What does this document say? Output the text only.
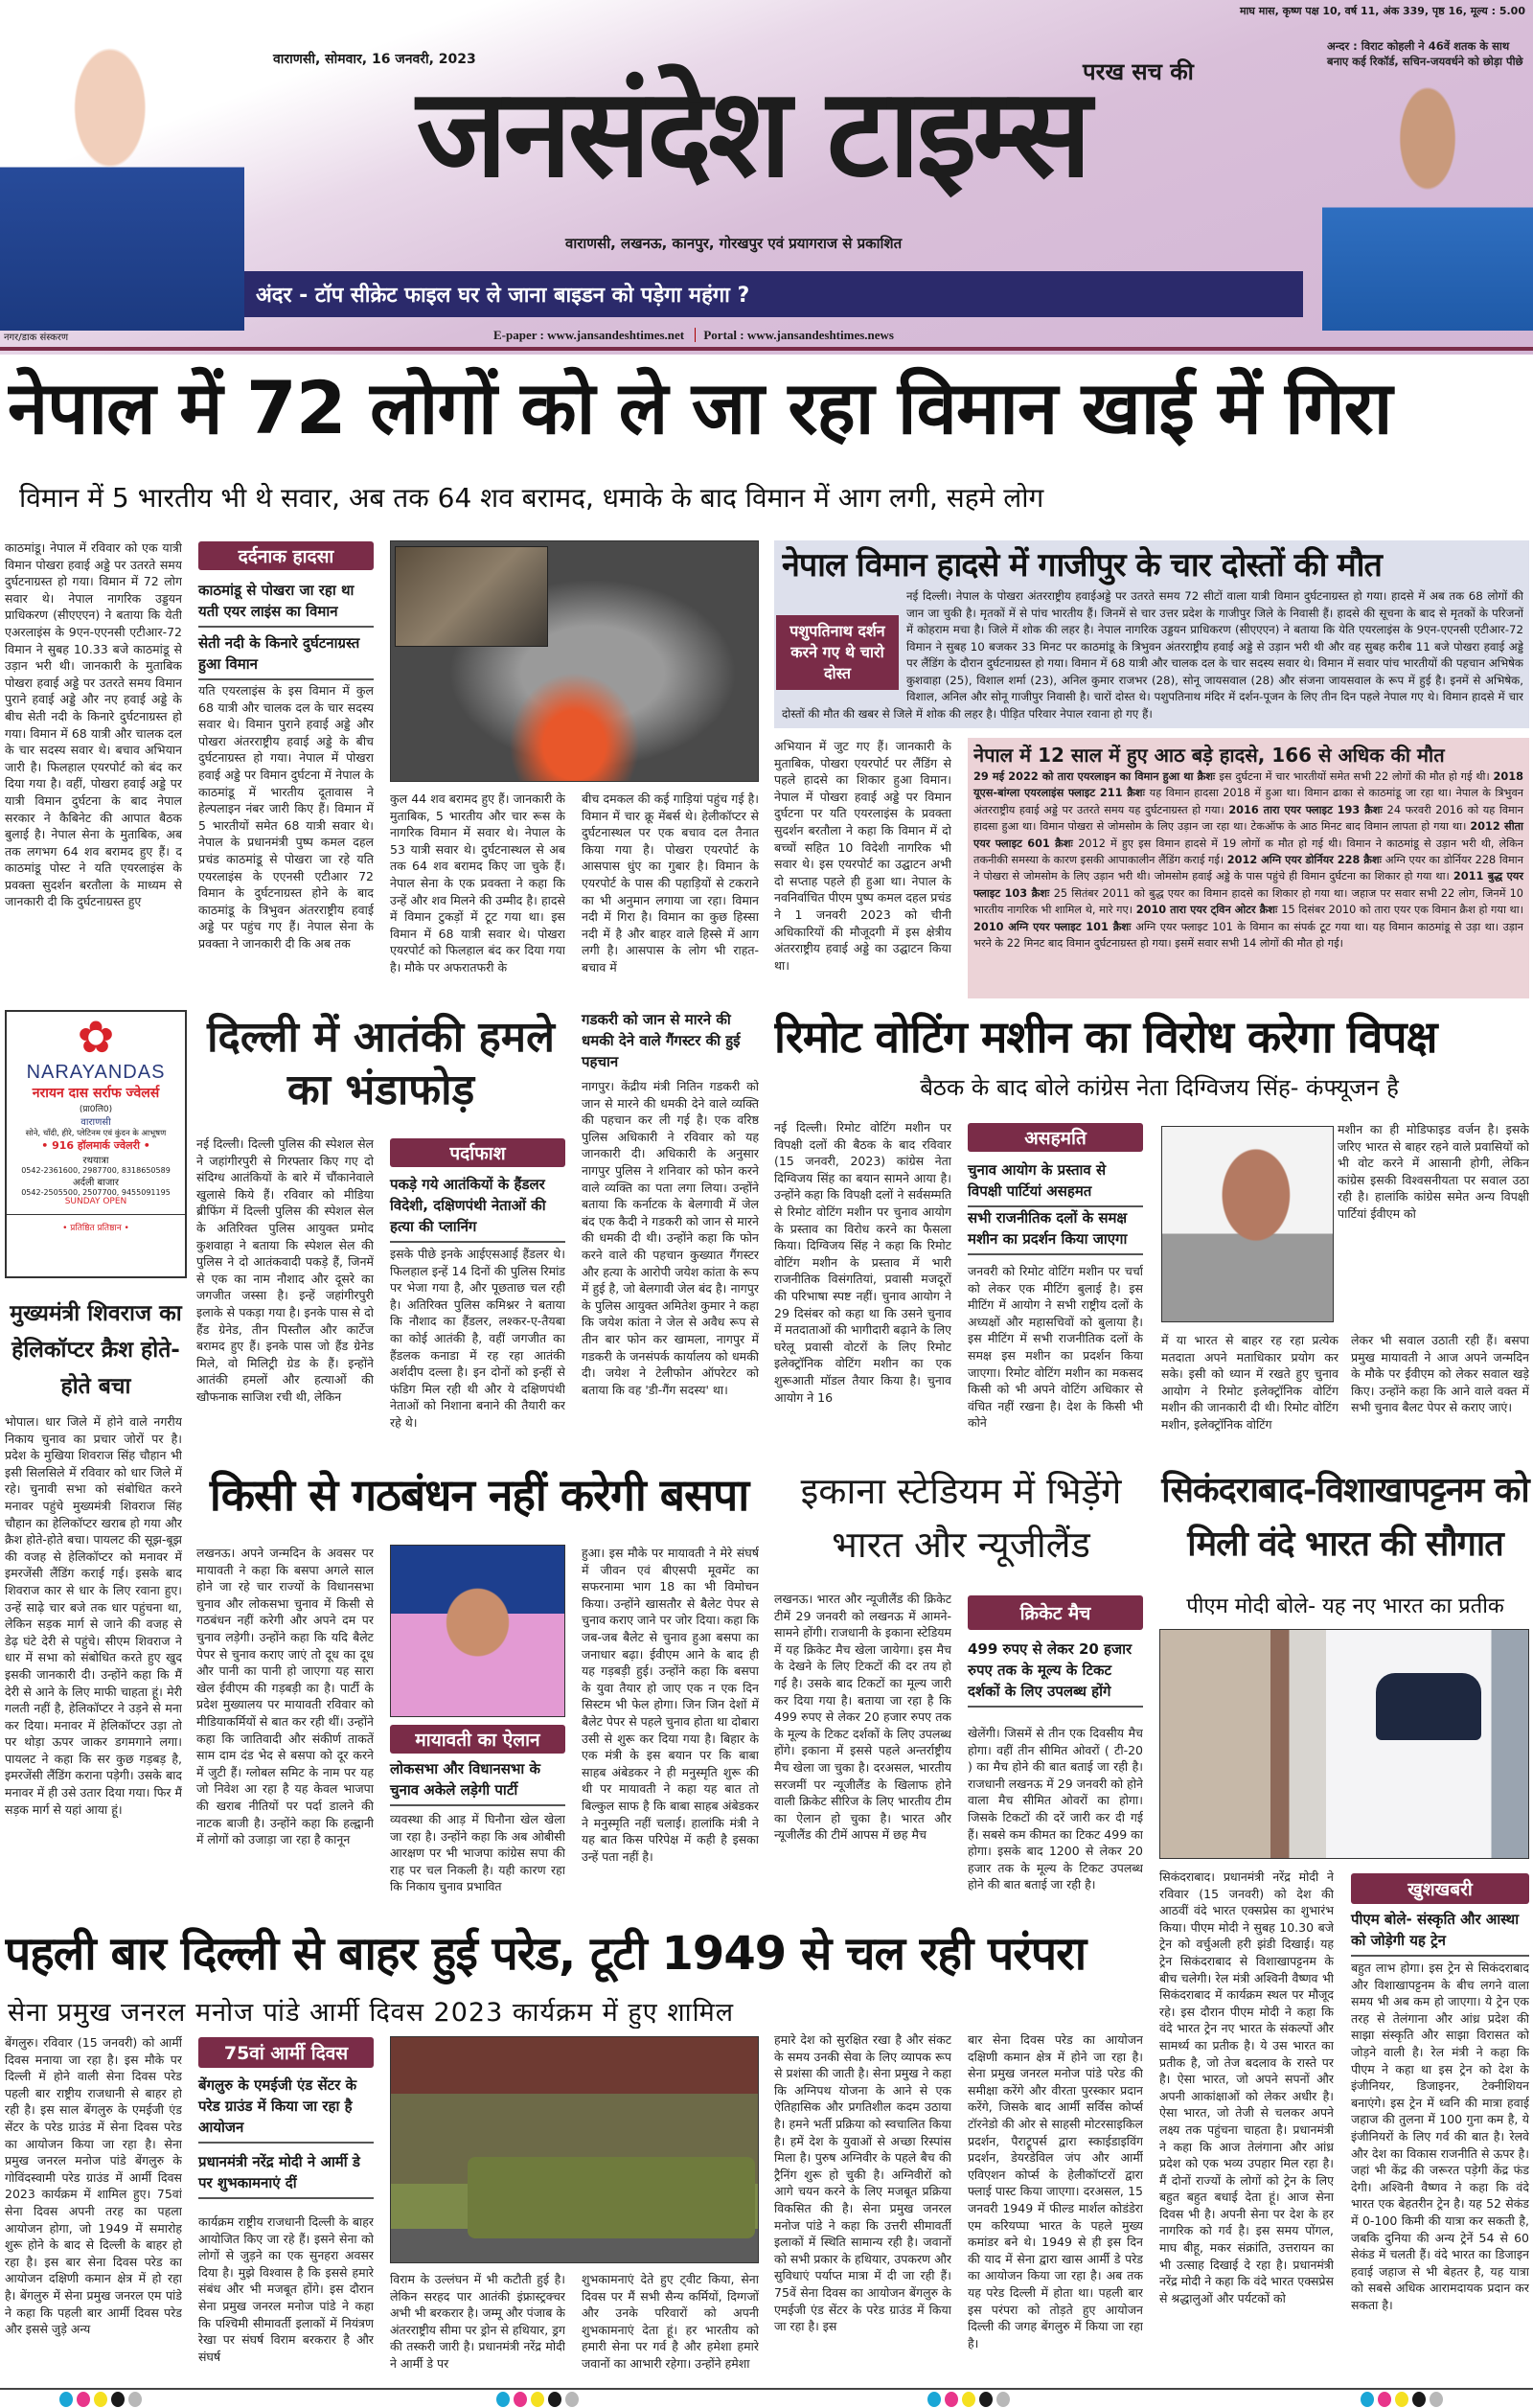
माघ मास, कृष्ण पक्ष 10, वर्ष 11, अंक 339, पृष्ठ 16, मूल्य : 5.00
वाराणसी, सोमवार, 16 जनवरी, 2023	परख सच की
जनसंदेश टाइम्स
वाराणसी, लखनऊ, कानपुर, गोरखपुर एवं प्रयागराज से प्रकाशित
अन्दर : विराट कोहली ने 46वें शतक के साथ बनाए कई रिकॉर्ड, सचिन-जयवर्धने को छोड़ा पीछे
अंदर - टॉप सीक्रेट फाइल घर ले जाना बाइडन को पड़ेगा महंगा ?
नगर/डाक संस्करण	E-paper : www.jansandeshtimes.net Portal : www.jansandeshtimes.news
नेपाल में 72 लोगों को ले जा रहा विमान खाई में गिरा
विमान में 5 भारतीय भी थे सवार, अब तक 64 शव बरामद, धमाके के बाद विमान में आग लगी, सहमे लोग
काठमांडू। नेपाल में रविवार को एक यात्री विमान पोखरा हवाई अड्डे पर उतरते समय दुर्घटनाग्रस्त हो गया। विमान में 72 लोग सवार थे। नेपाल नागरिक उड्डयन प्राधिकरण (सीएएएन) ने बताया कि येती एअरलाइंस के 9एन-एएनसी एटीआर-72 विमान ने सुबह 10.33 बजे काठमांडू से उड़ान भरी थी। जानकारी के मुताबिक पोखरा हवाई अड्डे पर उतरते समय विमान पुराने हवाई अड्डे और नए हवाई अड्डे के बीच सेती नदी के किनारे दुर्घटनाग्रस्त हो गया। विमान में 68 यात्री और चालक दल के चार सदस्य सवार थे। बचाव अभियान जारी है। फिलहाल एयरपोर्ट को बंद कर दिया गया है। वहीं, पोखरा हवाई अड्डे पर यात्री विमान दुर्घटना के बाद नेपाल सरकार ने कैबिनेट की आपात बैठक बुलाई है। नेपाल सेना के मुताबिक, अब तक लगभग 64 शव बरामद हुए हैं। द काठमांडू पोस्ट ने यति एयरलाइंस के प्रवक्ता सुदर्शन बरतौला के माध्यम से जानकारी दी कि दुर्घटनाग्रस्त हुए
दर्दनाक हादसा
काठमांडू से पोखरा जा रहा था यती एयर लाइंस का विमान
सेती नदी के किनारे दुर्घटनाग्रस्त हुआ विमान
यति एयरलाइंस के इस विमान में कुल 68 यात्री और चालक दल के चार सदस्य सवार थे। विमान पुराने हवाई अड्डे और पोखरा अंतरराष्ट्रीय हवाई अड्डे के बीच दुर्घटनाग्रस्त हो गया। नेपाल में पोखरा हवाई अड्डे पर विमान दुर्घटना में नेपाल के काठमांडू में भारतीय दूतावास ने हेल्पलाइन नंबर जारी किए हैं। विमान में 5 भारतीयों समेत 68 यात्री सवार थे। नेपाल के प्रधानमंत्री पुष्प कमल दहल प्रचंड काठमांडू से पोखरा जा रहे यति एयरलाइंस के एएनसी एटीआर 72 विमान के दुर्घटनाग्रस्त होने के बाद काठमांडू के त्रिभुवन अंतरराष्ट्रीय हवाई अड्डे पर पहुंच गए हैं। नेपाल सेना के प्रवक्ता ने जानकारी दी कि अब तक
कुल 44 शव बरामद हुए हैं। जानकारी के मुताबिक, 5 भारतीय और चार रूस के नागरिक विमान में सवार थे। नेपाल के 53 यात्री सवार थे। दुर्घटनास्थल से अब तक 64 शव बरामद किए जा चुके हैं। नेपाल सेना के एक प्रवक्ता ने कहा कि उन्हें और शव मिलने की उम्मीद है। हादसे में विमान टुकड़ों में टूट गया था। इस विमान में 68 यात्री सवार थे। पोखरा एयरपोर्ट को फिलहाल बंद कर दिया गया है। मौके पर अफरातफरी के
बीच दमकल की कई गाड़ियां पहुंच गई है। विमान में चार क्रू मेंबर्स थे। हेलीकॉप्टर से दुर्घटनास्थल पर एक बचाव दल तैनात किया गया है। पोखरा एयरपोर्ट के आसपास धुंए का गुबार है। विमान के एयरपोर्ट के पास की पहाड़ियों से टकराने का भी अनुमान लगाया जा रहा। विमान नदी में गिरा है। विमान का कुछ हिस्सा नदी में है और बाहर वाले हिस्से में आग लगी है। आसपास के लोग भी राहत-बचाव में
नेपाल विमान हादसे में गाजीपुर के चार दोस्तों की मौत
पशुपतिनाथ दर्शन करने गए थे चारो दोस्त
नई दिल्ली। नेपाल के पोखरा अंतरराष्ट्रीय हवाईअड्डे पर उतरते समय 72 सीटों वाला यात्री विमान दुर्घटनाग्रस्त हो गया। हादसे में अब तक 68 लोगों की जान जा चुकी है। मृतकों में से पांच भारतीय हैं। जिनमें से चार उत्तर प्रदेश के गाजीपुर जिले के निवासी हैं। हादसे की सूचना के बाद से मृतकों के परिजनों में कोहराम मचा है। जिले में शोक की लहर है। नेपाल नागरिक उड्डयन प्राधिकरण (सीएएएन) ने बताया कि येति एयरलाइंस के 9एन-एएनसी एटीआर-72 विमान ने सुबह 10 बजकर 33 मिनट पर काठमांडू के त्रिभुवन अंतरराष्ट्रीय हवाई अड्डे से उड़ान भरी थी और वह सुबह करीब 11 बजे पोखरा हवाई अड्डे पर लैंडिंग के दौरान दुर्घटनाग्रस्त हो गया। विमान में 68 यात्री और चालक दल के चार सदस्य सवार थे। विमान में सवार पांच भारतीयों की पहचान अभिषेक कुशवाहा (25), विशाल शर्मा (23), अनिल कुमार राजभर (28), सोनू जायसवाल (28) और संजना जायसवाल के रूप में हुई है। इनमें से अभिषेक, विशाल, अनिल और सोनू गाजीपुर निवासी है। चारों दोस्त थे। पशुपतिनाथ मंदिर में दर्शन-पूजन के लिए तीन दिन पहले नेपाल गए थे। विमान हादसे में चार दोस्तों की मौत की खबर से जिले में शोक की लहर है। पीड़ित परिवार नेपाल रवाना हो गए हैं।
अभियान में जुट गए हैं। जानकारी के मुताबिक, पोखरा एयरपोर्ट पर लैंडिंग से पहले हादसे का शिकार हुआ विमान। नेपाल में पोखरा हवाई अड्डे पर विमान दुर्घटना पर यति एयरलाइंस के प्रवक्ता सुदर्शन बरतौला ने कहा कि विमान में दो बच्चों सहित 10 विदेशी नागरिक भी सवार थे। इस एयरपोर्ट का उद्घाटन अभी दो सप्ताह पहले ही हुआ था। नेपाल के नवनिर्वाचित पीएम पुष्प कमल दहल प्रचंड ने 1 जनवरी 2023 को चीनी अधिकारियों की मौजूदगी में इस क्षेत्रीय अंतरराष्ट्रीय हवाई अड्डे का उद्घाटन किया था।
नेपाल में 12 साल में हुए आठ बड़े हादसे, 166 से अधिक की मौत
29 मई 2022 को तारा एयरलाइन का विमान हुआ था क्रैशः इस दुर्घटना में चार भारतीयों समेत सभी 22 लोगों की मौत हो गई थी। 2018 यूएस-बांग्ला एयरलाइंस फ्लाइट 211 क्रैशः यह विमान हादसा 2018 में हुआ था। विमान ढाका से काठमांडू जा रहा था। नेपाल के त्रिभुवन अंतरराष्ट्रीय हवाई अड्डे पर उतरते समय यह दुर्घटनाग्रस्त हो गया। 2016 तारा एयर फ्लाइट 193 क्रैशः 24 फरवरी 2016 को यह विमान हादसा हुआ था। विमान पोखरा से जोमसोम के लिए उड़ान जा रहा था। टेकऑफ के आठ मिनट बाद विमान लापता हो गया था। 2012 सीता एयर फ्लाइट 601 क्रैशः 2012 में हुए इस विमान हादसे में 19 लोगों क मौत हो गई थी। विमान ने काठमांडू से उड़ान भरी थी, लेकिन तकनीकी समस्या के कारण इसकी आपाकालीन लैंडिंग कराई गई। 2012 अग्नि एयर डोर्नियर 228 क्रैशः अग्नि एयर का डोर्नियर 228 विमान ने पोखरा से जोमसोम के लिए उड़ान भरी थी। जोमसोम हवाई अड्डे के पास पहुंचे ही विमान दुर्घटना का शिकार हो गया था। 2011 बुद्ध एयर फ्लाइट 103 क्रैशः 25 सितंबर 2011 को बुद्ध एयर का विमान हादसे का शिकार हो गया था। जहाज पर सवार सभी 22 लोग, जिनमें 10 भारतीय नागरिक भी शामिल थे, मारे गए। 2010 तारा एयर ट्विन ओटर क्रैशः 15 दिसंबर 2010 को तारा एयर एक विमान क्रैश हो गया था। 2010 अग्नि एयर फ्लाइट 101 क्रैशः अग्नि एयर फ्लाइट 101 के विमान का संपर्क टूट गया था। यह विमान काठमांडू से उड़ा था। उड़ान भरने के 22 मिनट बाद विमान दुर्घटनाग्रस्त हो गया। इसमें सवार सभी 14 लोगों की मौत हो गई।
✿
NARAYANDAS
नरायन दास सर्राफ ज्वेलर्स
(प्रा0लि0)
वाराणसी
सोने, चाँदी, हीरे, प्लेटिनम एवं कुंदन के आभूषण
• 916 हॉलमार्क ज्वेलरी •
रथयात्रा
0542-2361600, 2987700, 8318650589
अर्दली बाजार
0542-2505500, 2507700, 9455091195
SUNDAY OPEN
• प्रतिष्ठित प्रतिष्ठान •
मुख्यमंत्री शिवराज का हेलिकॉप्टर क्रैश होते-होते बचा
भोपाल। धार जिले में होने वाले नगरीय निकाय चुनाव का प्रचार जोरों पर है। प्रदेश के मुखिया शिवराज सिंह चौहान भी इसी सिलसिले में रविवार को धार जिले में रहे। चुनावी सभा को संबोधित करने मनावर पहुंचे मुख्यमंत्री शिवराज सिंह चौहान का हेलिकॉप्टर खराब हो गया और क्रैश होते-होते बचा। पायलट की सूझ-बूझ की वजह से हेलिकॉप्टर को मनावर में इमरजेंसी लैंडिंग कराई गई। इसके बाद शिवराज कार से धार के लिए रवाना हुए। उन्हें साढ़े चार बजे तक धार पहुंचना था, लेकिन सड़क मार्ग से जाने की वजह से डेढ़ घंटे देरी से पहुंचे। सीएम शिवराज ने धार में सभा को संबोधित करते हुए खुद इसकी जानकारी दी। उन्होंने कहा कि मैं देरी से आने के लिए माफी चाहता हूं। मेरी गलती नहीं है, हेलिकॉप्टर ने उड़ने से मना कर दिया। मनावर में हेलिकॉप्टर उड़ा तो पर थोड़ा ऊपर जाकर डगमगाने लगा। पायलट ने कहा कि सर कुछ गड़बड़ है, इमरजेंसी लैंडिंग कराना पड़ेगी। उसके बाद मनावर में ही उसे उतार दिया गया। फिर मैं सड़क मार्ग से यहां आया हूं।
दिल्ली में आतंकी हमले का भंडाफोड़
नई दिल्ली। दिल्ली पुलिस की स्पेशल सेल ने जहांगीरपुरी से गिरफ्तार किए गए दो संदिग्ध आतंकियों के बारे में चौंकानेवाले खुलासे किये हैं। रविवार को मीडिया ब्रीफिंग में दिल्ली पुलिस की स्पेशल सेल के अतिरिक्त पुलिस आयुक्त प्रमोद कुशवाहा ने बताया कि स्पेशल सेल की पुलिस ने दो आतंकवादी पकड़े हैं, जिनमें से एक का नाम नौशाद और दूसरे का जगजीत जस्सा है। इन्हें जहांगीरपुरी इलाके से पकड़ा गया है। इनके पास से दो हैंड ग्रेनेड, तीन पिस्तौल और कार्टेज बरामद हुए हैं। इनके पास जो हैंड ग्रेनेड मिले, वो मिलिट्री ग्रेड के हैं। इन्होंने आतंकी हमलों और हत्याओं की खौफनाक साजिश रची थी, लेकिन
पर्दाफाश
पकड़े गये आतंकियों के हैंडलर विदेशी, दक्षिणपंथी नेताओं की हत्या की प्लानिंग
इसके पीछे इनके आईएसआई हैंडलर थे। फिलहाल इन्हें 14 दिनों की पुलिस रिमांड पर भेजा गया है, और पूछताछ चल रही है। अतिरिक्त पुलिस कमिश्नर ने बताया कि नौशाद का हैंडलर, लश्कर-ए-तैयबा का कोई आतंकी है, वहीं जगजीत का हैंडलक कनाडा में रह रहा आतंकी अर्शदीप दल्ला है। इन दोनों को इन्हीं से फंडिग मिल रही थी और ये दक्षिणपंथी नेताओं को निशाना बनाने की तैयारी कर रहे थे।
गडकरी को जान से मारने की धमकी देने वाले गैंगस्टर की हुई पहचान
नागपुर। केंद्रीय मंत्री नितिन गडकरी को जान से मारने की धमकी देने वाले व्यक्ति की पहचान कर ली गई है। एक वरिष्ठ पुलिस अधिकारी ने रविवार को यह जानकारी दी। अधिकारी के अनुसार नागपुर पुलिस ने शनिवार को फोन करने वाले व्यक्ति का पता लगा लिया। उन्होंने बताया कि कर्नाटक के बेलगावी में जेल बंद एक कैदी ने गडकरी को जान से मारने की धमकी दी थी। उन्होंने कहा कि फोन करने वाले की पहचान कुख्यात गैंगस्टर और हत्या के आरोपी जयेश कांता के रूप में हुई है, जो बेलगावी जेल बंद है। नागपुर के पुलिस आयुक्त अमितेश कुमार ने कहा कि जयेश कांता ने जेल से अवैध रूप से तीन बार फोन कर खामला, नागपुर में गडकरी के जनसंपर्क कार्यालय को धमकी दी। जयेश ने टेलीफोन ऑपरेटर को बताया कि वह 'डी-गैंग सदस्य' था।
रिमोट वोटिंग मशीन का विरोध करेगा विपक्ष
बैठक के बाद बोले कांग्रेस नेता दिग्विजय सिंह- कंफ्यूजन है
नई दिल्ली। रिमोट वोटिंग मशीन पर विपक्षी दलों की बैठक के बाद रविवार (15 जनवरी, 2023) कांग्रेस नेता दिग्विजय सिंह का बयान सामने आया है। उन्होंने कहा कि विपक्षी दलों ने सर्वसम्मति से रिमोट वोटिंग मशीन पर चुनाव आयोग के प्रस्ताव का विरोध करने का फैसला किया। दिग्विजय सिंह ने कहा कि रिमोट वोटिंग मशीन के प्रस्ताव में भारी राजनीतिक विसंगतियां, प्रवासी मजदूरों की परिभाषा स्पष्ट नहीं। चुनाव आयोग ने 29 दिसंबर को कहा था कि उसने चुनाव में मतदाताओं की भागीदारी बढ़ाने के लिए घरेलू प्रवासी वोटरों के लिए रिमोट इलेक्ट्रॉनिक वोटिंग मशीन का एक शुरूआती मॉडल तैयार किया है। चुनाव आयोग ने 16
असहमति
चुनाव आयोग के प्रस्ताव से विपक्षी पार्टियां असहमत
सभी राजनीतिक दलों के समक्ष मशीन का प्रदर्शन किया जाएगा
जनवरी को रिमोट वोटिंग मशीन पर चर्चा को लेकर एक मीटिंग बुलाई है। इस मीटिंग में आयोग ने सभी राष्ट्रीय दलों के अध्यक्षों और महासचिवों को बुलाया है। इस मीटिंग में सभी राजनीतिक दलों के समक्ष इस मशीन का प्रदर्शन किया जाएगा। रिमोट वोटिंग मशीन का मकसद किसी को भी अपने वोटिंग अधिकार से वंचित नहीं रखना है। देश के किसी भी कोने
मशीन का ही मोडिफाइड वर्जन है। इसके जरिए भारत से बाहर रहने वाले प्रवासियों को भी वोट करने में आसानी होगी, लेकिन कांग्रेस इसकी विश्वसनीयता पर सवाल उठा रही है। हालांकि कांग्रेस समेत अन्य विपक्षी पार्टियां ईवीएम को
में या भारत से बाहर रह रहा प्रत्येक मतदाता अपने मताधिकार प्रयोग कर सके। इसी को ध्यान में रखते हुए चुनाव आयोग ने रिमोट इलेक्ट्रॉनिक वोटिंग मशीन की जानकारी दी थी। रिमोट वोटिंग मशीन, इलेक्ट्रॉनिक वोटिंग
लेकर भी सवाल उठाती रही हैं। बसपा प्रमुख मायावती ने आज अपने जन्मदिन के मौके पर ईवीएम को लेकर सवाल खड़े किए। उन्होंने कहा कि आने वाले वक्त में सभी चुनाव बैलट पेपर से कराए जाएं।
किसी से गठबंधन नहीं करेगी बसपा
लखनऊ। अपने जन्मदिन के अवसर पर मायावती ने कहा कि बसपा अगले साल होने जा रहे चार राज्यों के विधानसभा चुनाव और लोकसभा चुनाव में किसी से गठबंधन नहीं करेगी और अपने दम पर चुनाव लड़ेगी। उन्होंने कहा कि यदि बैलेट पेपर से चुनाव कराए जाएं तो दूध का दूध और पानी का पानी हो जाएगा यह सारा खेल ईवीएम की गड़बड़ी का है। पार्टी के प्रदेश मुख्यालय पर मायावती रविवार को मीडियाकर्मियों से बात कर रही थीं। उन्होंने कहा कि जातिवादी और संकीर्ण ताकतें साम दाम दंड भेद से बसपा को दूर करने में जुटी हैं। ग्लोबल समिट के नाम पर यह जो निवेश आ रहा है यह केवल भाजपा की खराब नीतियों पर पर्दा डालने की नाटक बाजी है। उन्होंने कहा कि हल्द्वानी में लोगों को उजाड़ा जा रहा है कानून
मायावती का ऐलान
लोकसभा और विधानसभा के चुनाव अकेले लड़ेगी पार्टी
व्यवस्था की आड़ में घिनौना खेल खेला जा रहा है। उन्होंने कहा कि अब ओबीसी आरक्षण पर भी भाजपा कांग्रेस सपा की राह पर चल निकली है। यही कारण रहा कि निकाय चुनाव प्रभावित
हुआ। इस मौके पर मायावती ने मेरे संघर्ष में जीवन एवं बीएसपी मूवमेंट का सफरनामा भाग 18 का भी विमोचन किया। उन्होंने खासतौर से बैलेट पेपर से चुनाव कराए जाने पर जोर दिया। कहा कि जब-जब बैलेट से चुनाव हुआ बसपा का जनाधार बढ़ा। ईवीएम आने के बाद ही यह गड़बड़ी हुई। उन्होंने कहा कि बसपा के युवा तैयार हो जाए एक न एक दिन सिस्टम भी फेल होगा। जिन जिन देशों में बैलेट पेपर से पहले चुनाव होता था दोबारा उसी से शुरू कर दिया गया है। बिहार के एक मंत्री के इस बयान पर कि बाबा साहब अंबेडकर ने ही मनुस्मृति शुरू की थी पर मायावती ने कहा यह बात तो बिल्कुल साफ है कि बाबा साहब अंबेडकर ने मनुस्मृति नहीं चलाई। हालांकि मंत्री ने यह बात किस परिपेक्ष में कही है इसका उन्हें पता नहीं है।
इकाना स्टेडियम में भिड़ेंगे भारत और न्यूजीलैंड
लखनऊ। भारत और न्यूजीलैंड की क्रिकेट टीमें 29 जनवरी को लखनऊ में आमने-सामने होंगी। राजधानी के इकाना स्टेडियम में यह क्रिकेट मैच खेला जायेगा। इस मैच के देखने के लिए टिकटों की दर तय हो गई है। उसके बाद टिकटों का मूल्य जारी कर दिया गया है। बताया जा रहा है कि 499 रुपए से लेकर 20 हजार रुपए तक के मूल्य के टिकट दर्शकों के लिए उपलब्ध होंगे। इकाना में इससे पहले अन्तर्राष्ट्रीय मैच खेला जा चुका है। दरअसल, भारतीय सरजमीं पर न्यूजीलैंड के खिलाफ होने वाली क्रिकेट सीरिज के लिए भारतीय टीम का ऐलान हो चुका है। भारत और न्यूजीलैंड की टीमें आपस में छह मैच
क्रिकेट मैच
499 रुपए से लेकर 20 हजार रुपए तक के मूल्य के टिकट दर्शकों के लिए उपलब्ध होंगे
खेलेंगी। जिसमें से तीन एक दिवसीय मैच होगा। वहीं तीन सीमित ओवरों ( टी-20 ) का मैच होने की बात बताई जा रही है। राजधानी लखनऊ में 29 जनवरी को होने वाला मैच सीमित ओवरों का होगा। जिसके टिकटों की दरें जारी कर दी गई हैं। सबसे कम कीमत का टिकट 499 का होगा। इसके बाद 1200 से लेकर 20 हजार तक के मूल्य के टिकट उपलब्ध होने की बात बताई जा रही है।
सिकंदराबाद-विशाखापट्टनम को मिली वंदे भारत की सौगात
पीएम मोदी बोले- यह नए भारत का प्रतीक
सिकंदराबाद। प्रधानमंत्री नरेंद्र मोदी ने रविवार (15 जनवरी) को देश की आठवीं वंदे भारत एक्सप्रेस का शुभारंभ किया। पीएम मोदी ने सुबह 10.30 बजे ट्रेन को वर्चुअली हरी झंडी दिखाई। यह ट्रेन सिकंदराबाद से विशाखापट्टनम के बीच चलेगी। रेल मंत्री अश्विनी वैष्णव भी सिकंदराबाद में कार्यक्रम स्थल पर मौजूद रहे। इस दौरान पीएम मोदी ने कहा कि वंदे भारत ट्रेन नए भारत के संकल्पों और सामर्थ्य का प्रतीक है। ये उस भारत का प्रतीक है, जो तेज बदलाव के रास्ते पर है। ऐसा भारत, जो अपने सपनों और अपनी आकांक्षाओं को लेकर अधीर है। ऐसा भारत, जो तेजी से चलकर अपने लक्ष्य तक पहुंचना चाहता है। प्रधानमंत्री ने कहा कि आज तेलंगाना और आंध्र प्रदेश को एक भव्य उपहार मिल रहा है। मैं दोनों राज्यों के लोगों को ट्रेन के लिए बहुत बहुत बधाई देता हूं। आज सेना दिवस भी है। अपनी सेना पर देश के हर नागरिक को गर्व है। इस समय पोंगल, माघ बीहू, मकर संक्रांति, उत्तरायन का भी उत्साह दिखाई दे रहा है। प्रधानमंत्री नरेंद्र मोदी ने कहा कि वंदे भारत एक्सप्रेस से श्रद्धालुओं और पर्यटकों को
खुशखबरी
पीएम बोले- संस्कृति और आस्था को जोड़ेगी यह ट्रेन
बहुत लाभ होगा। इस ट्रेन से सिकंदराबाद और विशाखापट्टनम के बीच लगने वाला समय भी अब कम हो जाएगा। ये ट्रेन एक तरह से तेलंगाना और आंध्र प्रदेश की साझा संस्कृति और साझा विरासत को जोड़ने वाली है। रेल मंत्री ने कहा कि पीएम ने कहा था इस ट्रेन को देश के इंजीनियर, डिजाइनर, टेक्नीशियन बनाएंगे। इस ट्रेन में ध्वनि की मात्रा हवाई जहाज की तुलना में 100 गुना कम है, ये इंजीनियरों के लिए गर्व की बात है। रेलवे और देश का विकास राजनीति से ऊपर है। जहां भी केंद्र की जरूरत पड़ेगी केंद्र फंड देगी। अश्विनी वैष्णव ने कहा कि वंदे भारत एक बेहतरीन ट्रेन है। यह 52 सेकंड में 0-100 किमी की यात्रा कर सकती है, जबकि दुनिया की अन्य ट्रेनें 54 से 60 सेकंड में चलती हैं। वंदे भारत का डिजाइन हवाई जहाज से भी बेहतर है, यह यात्रा को सबसे अधिक आरामदायक प्रदान कर सकता है।
पहली बार दिल्ली से बाहर हुई परेड, टूटी 1949 से चल रही परंपरा
सेना प्रमुख जनरल मनोज पांडे आर्मी दिवस 2023 कार्यक्रम में हुए शामिल
बेंगलुरु। रविवार (15 जनवरी) को आर्मी दिवस मनाया जा रहा है। इस मौके पर दिल्ली में होने वाली सेना दिवस परेड पहली बार राष्ट्रीय राजधानी से बाहर हो रही है। इस साल बेंगलुरु के एमईजी एंड सेंटर के परेड ग्राउंड में सेना दिवस परेड का आयोजन किया जा रहा है। सेना प्रमुख जनरल मनोज पांडे बेंगलुरु के गोविंदस्वामी परेड ग्राउंड में आर्मी दिवस 2023 कार्यक्रम में शामिल हुए। 75वां सेना दिवस अपनी तरह का पहला आयोजन होगा, जो 1949 में समारोह शुरू होने के बाद से दिल्ली के बाहर हो रहा है। इस बार सेना दिवस परेड का आयोजन दक्षिणी कमान क्षेत्र में हो रहा है। बेंगलुरु में सेना प्रमुख जनरल एम पांडे ने कहा कि पहली बार आर्मी दिवस परेड और इससे जुड़े अन्य
75वां आर्मी दिवस
बेंगलुरु के एमईजी एंड सेंटर के परेड ग्राउंड में किया जा रहा है आयोजन
प्रधानमंत्री नरेंद्र मोदी ने आर्मी डे पर शुभकामनाएं दीं
कार्यक्रम राष्ट्रीय राजधानी दिल्ली के बाहर आयोजित किए जा रहे हैं। इसने सेना को लोगों से जुड़ने का एक सुनहरा अवसर दिया है। मुझे विश्वास है कि इससे हमारे संबंध और भी मजबूत होंगे। इस दौरान सेना प्रमुख जनरल मनोज पांडे ने कहा कि पश्चिमी सीमावर्ती इलाकों में नियंत्रण रेखा पर संघर्ष विराम बरकरार है और संघर्ष
विराम के उल्लंघन में भी कटौती हुई है। लेकिन सरहद पार आतंकी इंफ्रास्ट्रक्चर अभी भी बरकरार है। जम्मू और पंजाब के अंतरराष्ट्रीय सीमा पर ड्रोन से हथियार, ड्रग की तस्करी जारी है। प्रधानमंत्री नरेंद्र मोदी ने आर्मी डे पर
शुभकामनाएं देते हुए ट्वीट किया, सेना दिवस पर मैं सभी सैन्य कर्मियों, दिग्गजों और उनके परिवारों को अपनी शुभकामनाएं देता हूं। हर भारतीय को हमारी सेना पर गर्व है और हमेशा हमारे जवानों का आभारी रहेगा। उन्होंने हमेशा
हमारे देश को सुरक्षित रखा है और संकट के समय उनकी सेवा के लिए व्यापक रूप से प्रशंसा की जाती है। सेना प्रमुख ने कहा कि अग्निपथ योजना के आने से एक ऐतिहासिक और प्रगतिशील कदम उठाया है। हमने भर्ती प्रक्रिया को स्वचालित किया है। हमें देश के युवाओं से अच्छा रिस्पांस मिला है। पुरुष अग्निवीर के पहले बैच की ट्रैनिंग शुरू हो चुकी है। अग्निवीरों को आगे चयन करने के लिए मजबूत प्रक्रिया विकसित की है। सेना प्रमुख जनरल मनोज पांडे ने कहा कि उत्तरी सीमावर्ती इलाकों में स्थिति सामान्य रही है। जवानों को सभी प्रकार के हथियार, उपकरण और सुविधाएं पर्याप्त मात्रा में दी जा रही हैं। 75वें सेना दिवस का आयोजन बेंगलुरु के एमईजी एंड सेंटर के परेड ग्राउंड में किया जा रहा है। इस
बार सेना दिवस परेड का आयोजन दक्षिणी कमान क्षेत्र में होने जा रहा है। सेना प्रमुख जनरल मनोज पांडे परेड की समीक्षा करेंगे और वीरता पुरस्कार प्रदान करेंगे, जिसके बाद आर्मी सर्विस कोर्प्स टॉरनेडो की ओर से साहसी मोटरसाइकिल प्रदर्शन, पैराट्रूपर्स द्वारा स्काईडाइविंग प्रदर्शन, डेयरडेविल जंप और आर्मी एविएशन कोर्प्स के हेलीकॉप्टरों द्वारा फ्लाई पास्ट किया जाएगा। दरअसल, 15 जनवरी 1949 में फील्ड मार्शल कोडंडेरा एम करियप्पा भारत के पहले मुख्य कमांडर बने थे। 1949 से ही इस दिन की याद में सेना द्वारा खास आर्मी डे परेड का आयोजन किया जा रहा है। अब तक यह परेड दिल्ली में होता था। पहली बार इस परंपरा को तोड़ते हुए आयोजन दिल्ली की जगह बेंगलुरु में किया जा रहा है।
